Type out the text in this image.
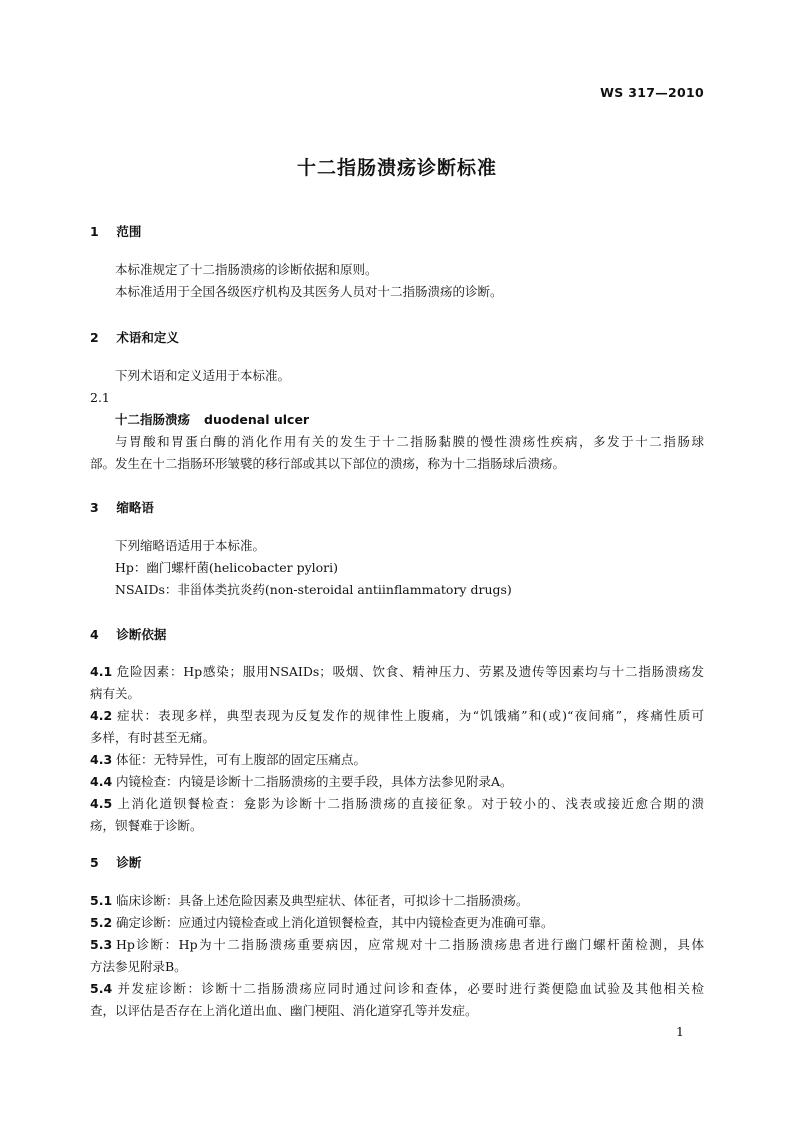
WS 317—2010
十二指肠溃疡诊断标准
1 范围
本标准规定了十二指肠溃疡的诊断依据和原则。
本标准适用于全国各级医疗机构及其医务人员对十二指肠溃疡的诊断。
2 术语和定义
下列术语和定义适用于本标准。
2.1
十二指肠溃疡 duodenal ulcer
与胃酸和胃蛋白酶的消化作用有关的发生于十二指肠黏膜的慢性溃疡性疾病，多发于十二指肠球
部。发生在十二指肠环形皱襞的移行部或其以下部位的溃疡，称为十二指肠球后溃疡。
3 缩略语
下列缩略语适用于本标准。
Hp：幽门螺杆菌(helicobacter pylori)
NSAIDs：非甾体类抗炎药(non-steroidal antiinflammatory drugs)
4 诊断依据
4.1 危险因素：Hp感染；服用NSAIDs；吸烟、饮食、精神压力、劳累及遗传等因素均与十二指肠溃疡发
病有关。
4.2 症状：表现多样，典型表现为反复发作的规律性上腹痛，为“饥饿痛”和(或)“夜间痛”，疼痛性质可
多样，有时甚至无痛。
4.3 体征：无特异性，可有上腹部的固定压痛点。
4.4 内镜检查：内镜是诊断十二指肠溃疡的主要手段，具体方法参见附录A。
4.5 上消化道钡餐检查：龛影为诊断十二指肠溃疡的直接征象。对于较小的、浅表或接近愈合期的溃
疡，钡餐难于诊断。
5 诊断
5.1 临床诊断：具备上述危险因素及典型症状、体征者，可拟诊十二指肠溃疡。
5.2 确定诊断：应通过内镜检查或上消化道钡餐检查，其中内镜检查更为准确可靠。
5.3 Hp诊断：Hp为十二指肠溃疡重要病因，应常规对十二指肠溃疡患者进行幽门螺杆菌检测，具体
方法参见附录B。
5.4 并发症诊断：诊断十二指肠溃疡应同时通过问诊和查体，必要时进行粪便隐血试验及其他相关检
查，以评估是否存在上消化道出血、幽门梗阻、消化道穿孔等并发症。
1
